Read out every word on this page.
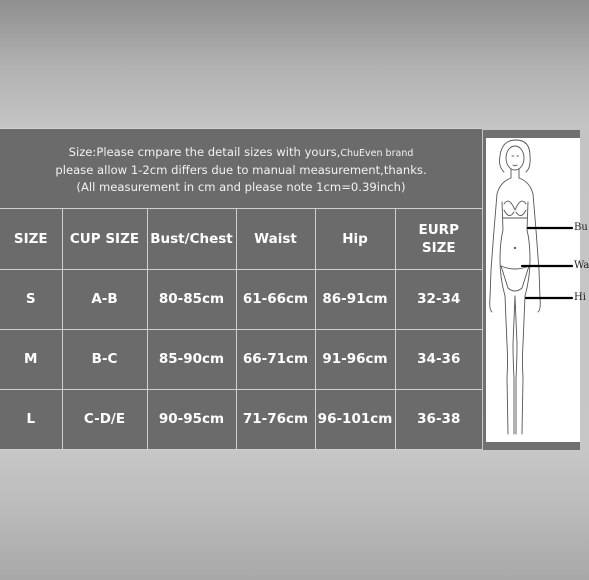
Size:Please cmpare the detail sizes with yours,ChuEven brand
please allow 1-2cm differs due to manual measurement,thanks.
(All measurement in cm and please note 1cm=0.39inch)
SIZE	CUP SIZE	Bust/Chest	Waist	Hip	EURP
SIZE
S	A-B	80-85cm	61-66cm	86-91cm	32-34
M	B-C	85-90cm	66-71cm	91-96cm	34-36
L	C-D/E	90-95cm	71-76cm	96-101cm	36-38
Bu
Wa
Hi
